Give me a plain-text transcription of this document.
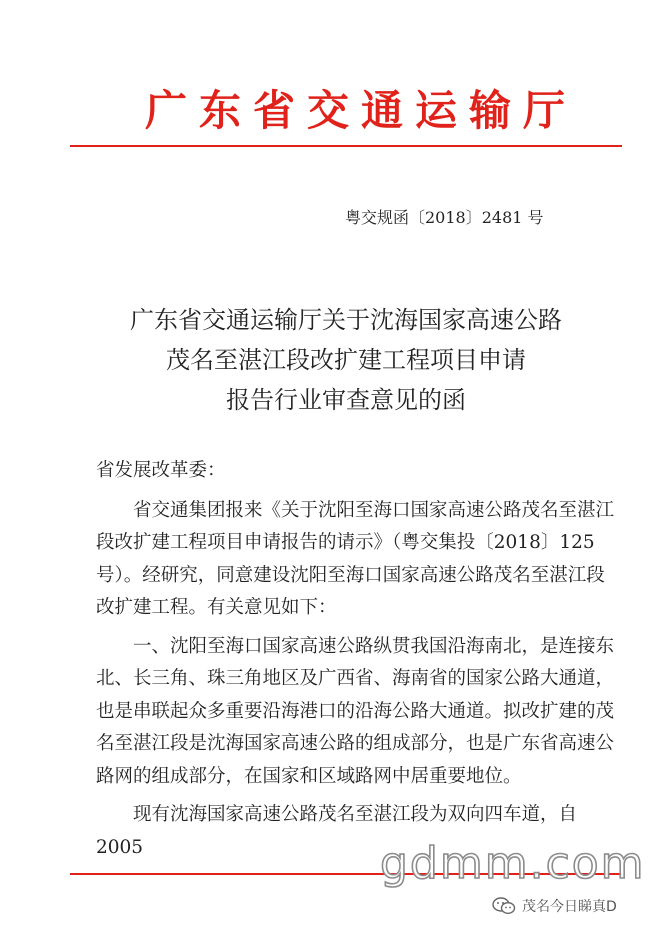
广东省交通运输厅
粤交规函〔2018〕2481 号
广东省交通运输厅关于沈海国家高速公路
茂名至湛江段改扩建工程项目申请
报告行业审查意见的函

省发展改革委：

　　省交通集团报来《关于沈阳至海口国家高速公路茂名至湛江段改扩建工程项目申请报告的请示》（粤交集投〔2018〕125 号）。经研究，同意建设沈阳至海口国家高速公路茂名至湛江段改扩建工程。有关意见如下：

　　一、沈阳至海口国家高速公路纵贯我国沿海南北，是连接东北、长三角、珠三角地区及广西省、海南省的国家公路大通道，也是串联起众多重要沿海港口的沿海公路大通道。拟改扩建的茂名至湛江段是沈海国家高速公路的组成部分，也是广东省高速公路网的组成部分，在国家和区域路网中居重要地位。

　　现有沈海国家高速公路茂名至湛江段为双向四车道，自 2005	gdmm.com
茂名今日睇真D
